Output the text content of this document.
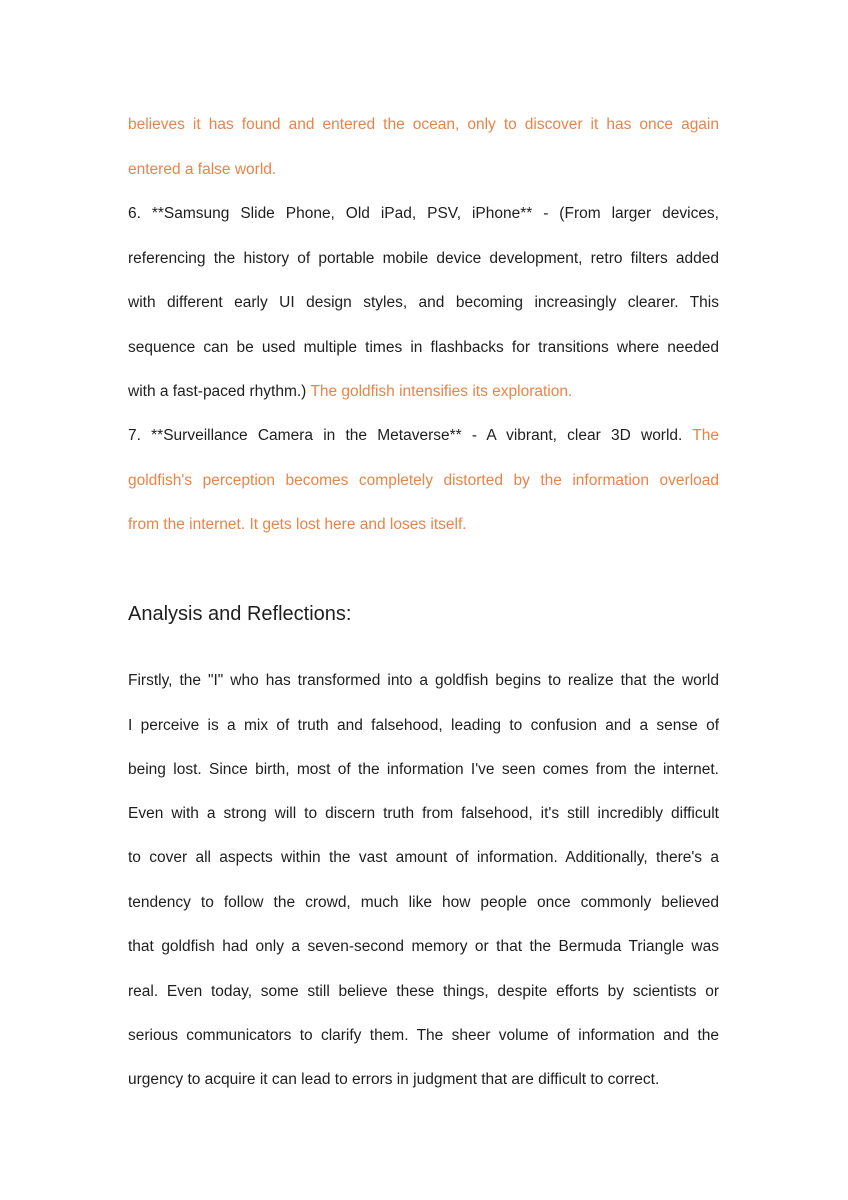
believes it has found and entered the ocean, only to discover it has once again
entered a false world.
6. **Samsung Slide Phone, Old iPad, PSV, iPhone** - (From larger devices,
referencing the history of portable mobile device development, retro filters added
with different early UI design styles, and becoming increasingly clearer. This
sequence can be used multiple times in flashbacks for transitions where needed
with a fast-paced rhythm.) The goldfish intensifies its exploration.
7. **Surveillance Camera in the Metaverse** - A vibrant, clear 3D world. The
goldfish's perception becomes completely distorted by the information overload
from the internet. It gets lost here and loses itself.
Analysis and Reflections:
Firstly, the "I" who has transformed into a goldfish begins to realize that the world
I perceive is a mix of truth and falsehood, leading to confusion and a sense of
being lost. Since birth, most of the information I've seen comes from the internet.
Even with a strong will to discern truth from falsehood, it's still incredibly difficult
to cover all aspects within the vast amount of information. Additionally, there's a
tendency to follow the crowd, much like how people once commonly believed
that goldfish had only a seven-second memory or that the Bermuda Triangle was
real. Even today, some still believe these things, despite efforts by scientists or
serious communicators to clarify them. The sheer volume of information and the
urgency to acquire it can lead to errors in judgment that are difficult to correct.
